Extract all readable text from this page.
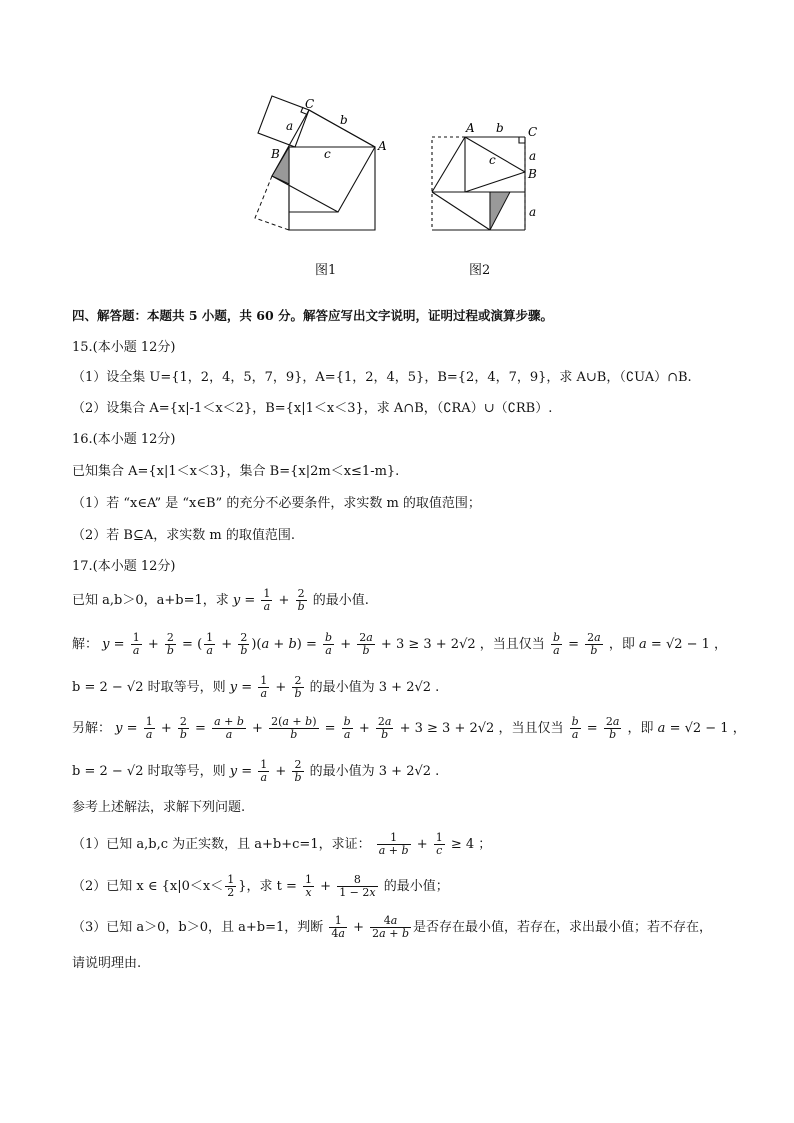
C
a	b
B	c
A
A b C
c	a
B
a
图1	图2
四、解答题：本题共 5 小题，共 60 分。解答应写出文字说明，证明过程或演算步骤。
15.(本小题 12分)
（1）设全集 U={1，2，4，5，7，9}，A={1，2，4，5}，B={2，4，7，9}，求 A∪B，（∁UA）∩B.
（2）设集合 A={x|-1＜x＜2}，B={x|1＜x＜3}，求 A∩B，（∁RA）∪（∁RB）.
16.(本小题 12分)
已知集合 A={x|1＜x＜3}，集合 B={x|2m＜x≤1-m}.
（1）若 “x∈A” 是 “x∈B” 的充分不必要条件，求实数 m 的取值范围；
（2）若 B⊆A，求实数 m 的取值范围.
17.(本小题 12分)
已知 a,b＞0，a+b=1，求 $y = \frac{1}{a} + \frac{2}{b}$ 的最小值.
解： $y = \frac{1}{a} + \frac{2}{b}$ = ( $\frac{1}{a} + \frac{2}{b} )(a + b) = \frac{b}{a} + \frac{2a}{b} + 3 \ge 3 + 2√2$ ，当且仅当 $\frac{b}{a} = \frac{2a}{b}$ ，即 a = √2 − 1 ，
b = 2 − √2 时取等号，则 $y = \frac{1}{a} + \frac{2}{b}$ 的最小值为 3 + 2√2 .
另解： $y = \frac{1}{a} + \frac{2}{b} = \frac{a + b}{a} + \frac{2(a + b)}{b} = \frac{b}{a} + \frac{2a}{b} + 3 \ge 3 + 2√2$ ，当且仅当 $\frac{b}{a} = \frac{2a}{b}$ ，即 a = √2 − 1 ，
b = 2 − √2 时取等号，则 $y = \frac{1}{a} + \frac{2}{b}$ 的最小值为 3 + 2√2 .
参考上述解法，求解下列问题.
（1）已知 a,b,c 为正实数，且 a+b+c=1，求证： $\frac{1}{a + b} + \frac{1}{c} \ge 4$ ；
（2）已知 x ∈ {$x|0<x< \frac{1}{2}$ }，求 $t = \frac{1}{x} + \frac{8}{1 - 2x}$ 的最小值；
（3）已知 a＞0，b＞0，且 a+b=1，判断 $\frac{1}{4a} + \frac{4a}{2a + b}$ 是否存在最小值，若存在，求出最小值；若不存在，
请说明理由.
